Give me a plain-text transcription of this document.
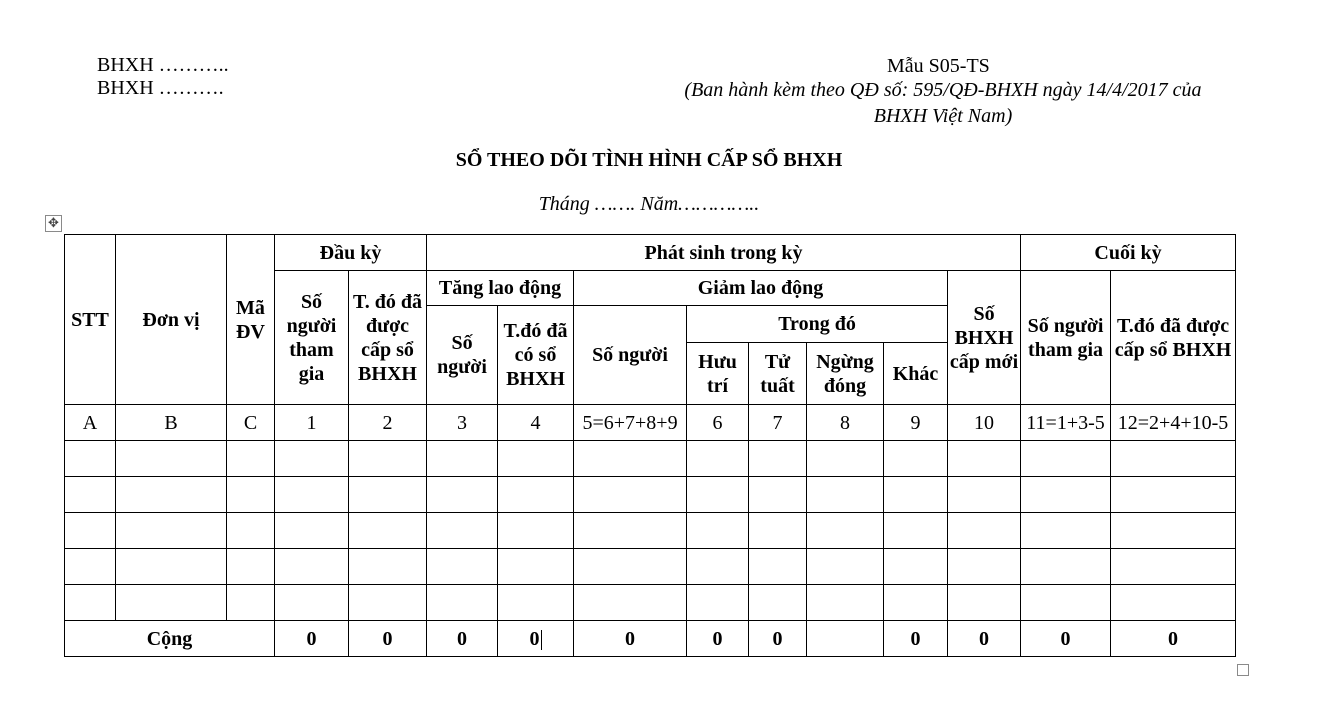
BHXH ………..
BHXH ……….
Mẫu S05-TS
(Ban hành kèm theo QĐ số: 595/QĐ-BHXH ngày 14/4/2017 của
BHXH Việt Nam)
SỔ THEO DÕI TÌNH HÌNH CẤP SỔ BHXH
Tháng ……. Năm…………..
✥
STT	Đơn vị	Mã ĐV	Đầu kỳ		Phát sinh trong kỳ								Cuối kỳ	
			Số người tham gia	T. đó đã được cấp sổ BHXH	Tăng lao động		Giảm lao động					Số BHXH cấp mới	Số người tham gia	T.đó đã được cấp sổ BHXH
					Số người	T.đó đã có sổ BHXH	Số người	Trong đó						
								Hưu trí	Tử tuất	Ngừng đóng	Khác			
A	B	C	1	2	3	4	5=6+7+8+9	6	7	8	9	10	11=1+3-5	12=2+4+10-5

Cộng			0	0	0	0	0	0	0		0	0	0	0
